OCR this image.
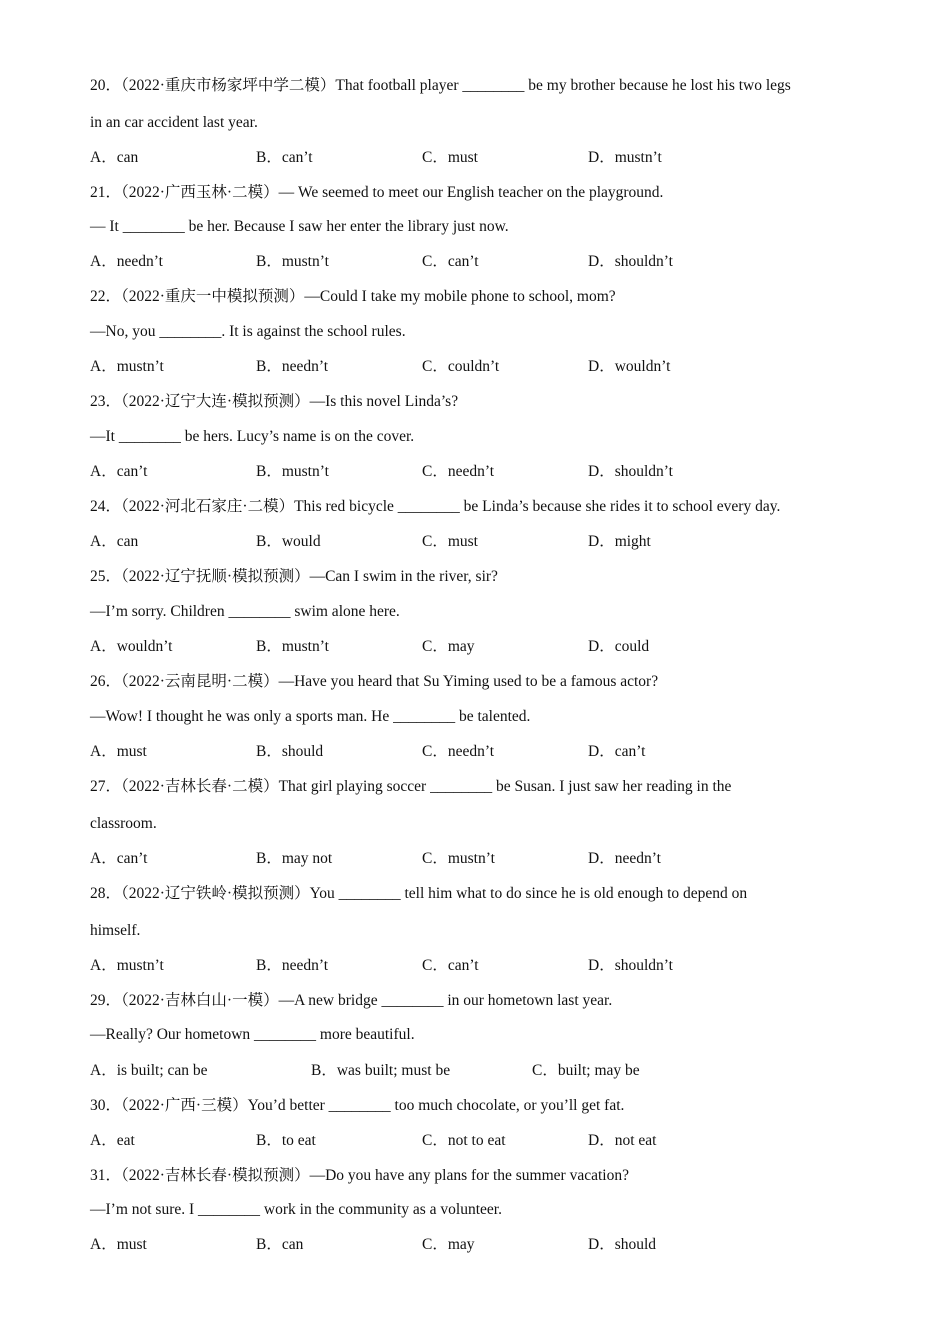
20．（2022·重庆市杨家坪中学二模）That football player ________ be my brother because he lost his two legs
in an car accident last year.
A．can	B．can’t	C．must	D．mustn’t
21．（2022·广西玉林·二模）— We seemed to meet our English teacher on the playground.
— It ________ be her. Because I saw her enter the library just now.
A．needn’t	B．mustn’t	C．can’t	D．shouldn’t
22．（2022·重庆一中模拟预测）—Could I take my mobile phone to school, mom?
—No, you ________. It is against the school rules.
A．mustn’t	B．needn’t	C．couldn’t	D．wouldn’t
23．（2022·辽宁大连·模拟预测）—Is this novel Linda’s?
—It ________ be hers. Lucy’s name is on the cover.
A．can’t	B．mustn’t	C．needn’t	D．shouldn’t
24．（2022·河北石家庄·二模）This red bicycle ________ be Linda’s because she rides it to school every day.
A．can	B．would	C．must	D．might
25．（2022·辽宁抚顺·模拟预测）—Can I swim in the river, sir?
—I’m sorry. Children ________ swim alone here.
A．wouldn’t	B．mustn’t	C．may	D．could
26．（2022·云南昆明·二模）—Have you heard that Su Yiming used to be a famous actor?
—Wow! I thought he was only a sports man. He ________ be talented.
A．must	B．should	C．needn’t	D．can’t
27．（2022·吉林长春·二模）That girl playing soccer ________ be Susan. I just saw her reading in the
classroom.
A．can’t	B．may not	C．mustn’t	D．needn’t
28．（2022·辽宁铁岭·模拟预测）You ________ tell him what to do since he is old enough to depend on
himself.
A．mustn’t	B．needn’t	C．can’t	D．shouldn’t
29．（2022·吉林白山·一模）—A new bridge ________ in our hometown last year.
—Really? Our hometown ________ more beautiful.
A．is built; can be	B．was built; must be	C．built; may be
30．（2022·广西·三模）You’d better ________ too much chocolate, or you’ll get fat.
A．eat	B．to eat	C．not to eat	D．not eat
31．（2022·吉林长春·模拟预测）—Do you have any plans for the summer vacation?
—I’m not sure. I ________ work in the community as a volunteer.
A．must	B．can	C．may	D．should
